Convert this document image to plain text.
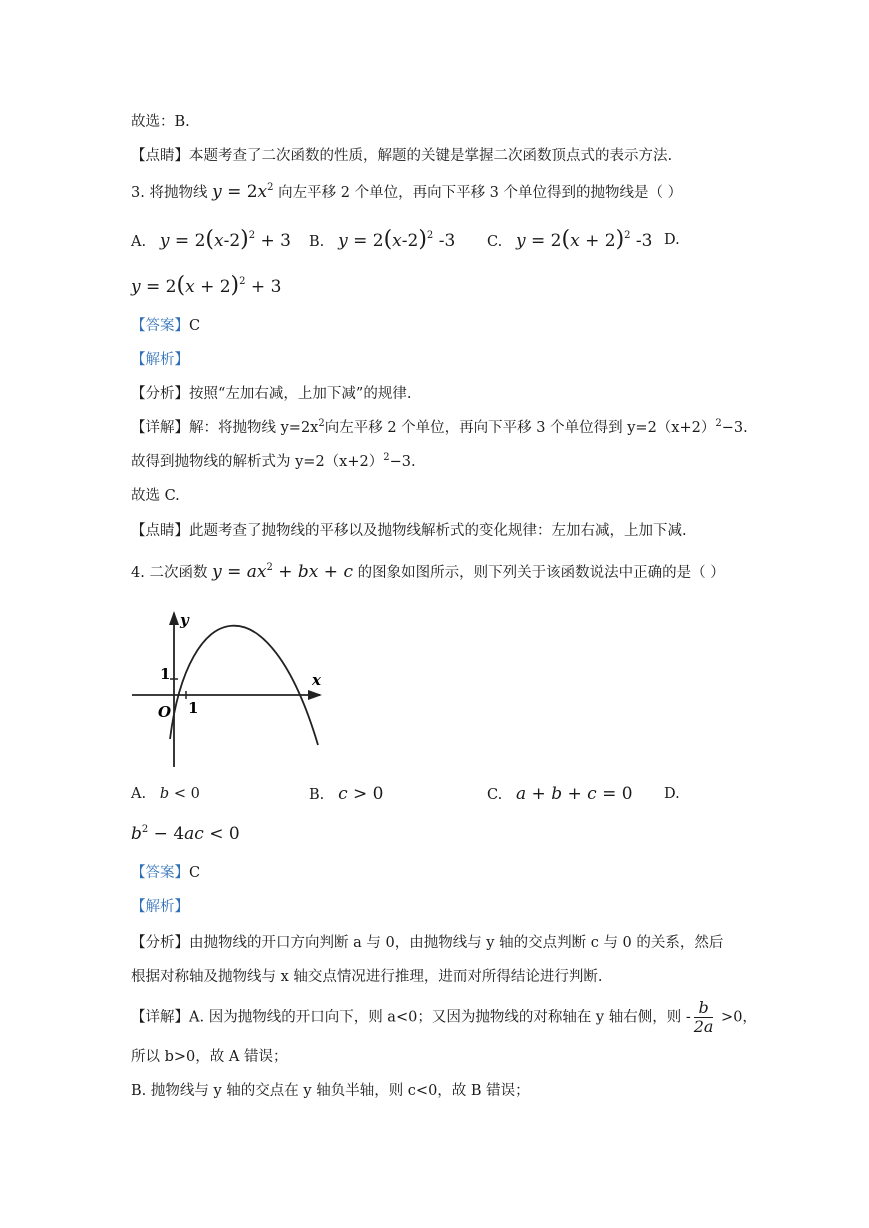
故选：B.
【点睛】本题考查了二次函数的性质，解题的关键是掌握二次函数顶点式的表示方法.
3. 将抛物线 $y = 2x^2$ 向左平移 2 个单位，再向下平移 3 个单位得到的抛物线是（ ）
A. $y = 2(x-2)^2 + 3$ B. $y = 2(x-2)^2$ -3 C. $y = 2(x + 2)^2$ -3 D.
$y = 2(x + 2)^2 + 3$
【答案】C
【解析】
【分析】按照“左加右减，上加下减”的规律.
【详解】解：将抛物线 $y=2x^2$向左平移 2 个单位，再向下平移 3 个单位得到 $y=2(x+2)^2-3$.
故得到抛物线的解析式为 $y=2(x+2)^2-3$.
故选 C.
【点睛】此题考查了抛物线的平移以及抛物线解析式的变化规律：左加右减，上加下减.
4. 二次函数 $y = ax^2$ + bx + c 的图象如图所示，则下列关于该函数说法中正确的是（ ）
y
x
O 1
1
A. b < 0	B. c > 0	C. a + b + c = 0 D.
$b^2 - 4ac < 0$
【答案】C
【解析】
【分析】由抛物线的开口方向判断 a 与 0，由抛物线与 y 轴的交点判断 c 与 0 的关系，然后
根据对称轴及抛物线与 x 轴交点情况进行推理，进而对所得结论进行判断.
【详解】A. 因为抛物线的开口向下，则 a<0；又因为抛物线的对称轴在 y 轴右侧，则 - $\frac{b}{2a} >0$，
所以 b>0，故 A 错误；
B. 抛物线与 y 轴的交点在 y 轴负半轴，则 c<0，故 B 错误；
